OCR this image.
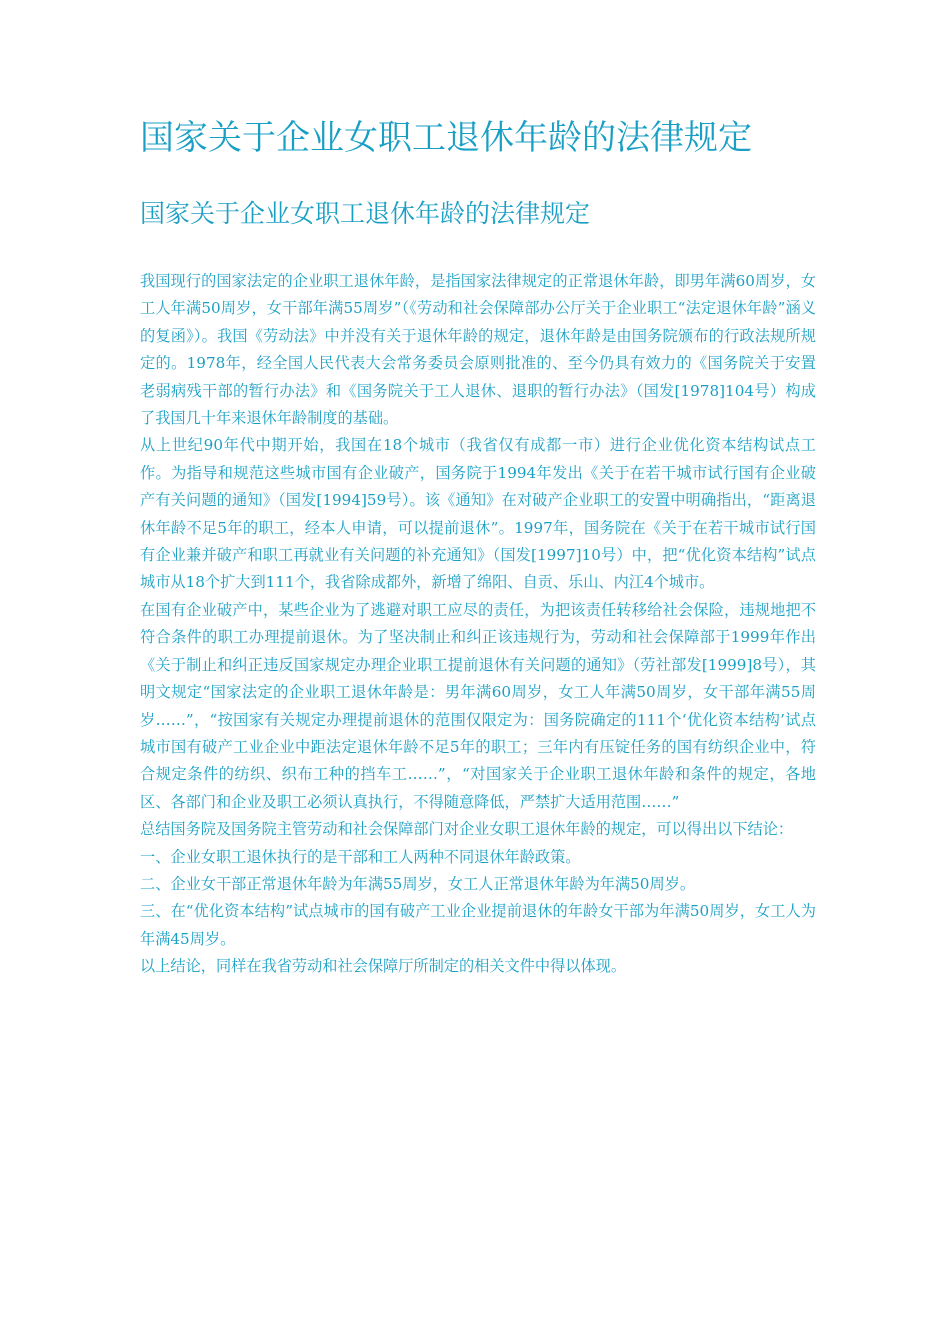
国家关于企业女职工退休年龄的法律规定
国家关于企业女职工退休年龄的法律规定

我国现行的国家法定的企业职工退休年龄，是指国家法律规定的正常退休年龄，即男年满60周岁，女工人年满50周岁，女干部年满55周岁”（《劳动和社会保障部办公厅关于企业职工“法定退休年龄”涵义的复函》）。我国《劳动法》中并没有关于退休年龄的规定，退休年龄是由国务院颁布的行政法规所规定的。1978年，经全国人民代表大会常务委员会原则批准的、至今仍具有效力的《国务院关于安置老弱病残干部的暂行办法》和《国务院关于工人退休、退职的暂行办法》（国发[1978]104号）构成了我国几十年来退休年龄制度的基础。

从上世纪90年代中期开始，我国在18个城市（我省仅有成都一市）进行企业优化资本结构试点工作。为指导和规范这些城市国有企业破产，国务院于1994年发出《关于在若干城市试行国有企业破产有关问题的通知》（国发[1994]59号）。该《通知》在对破产企业职工的安置中明确指出，“距离退休年龄不足5年的职工，经本人申请，可以提前退休”。1997年，国务院在《关于在若干城市试行国有企业兼并破产和职工再就业有关问题的补充通知》（国发[1997]10号）中，把“优化资本结构”试点城市从18个扩大到111个，我省除成都外，新增了绵阳、自贡、乐山、内江4个城市。

在国有企业破产中，某些企业为了逃避对职工应尽的责任，为把该责任转移给社会保险，违规地把不符合条件的职工办理提前退休。为了坚决制止和纠正该违规行为，劳动和社会保障部于1999年作出《关于制止和纠正违反国家规定办理企业职工提前退休有关问题的通知》（劳社部发[1999]8号），其明文规定“国家法定的企业职工退休年龄是：男年满60周岁，女工人年满50周岁，女干部年满55周岁……”，“按国家有关规定办理提前退休的范围仅限定为：国务院确定的111个‘优化资本结构’试点城市国有破产工业企业中距法定退休年龄不足5年的职工；三年内有压锭任务的国有纺织企业中，符合规定条件的纺织、织布工种的挡车工……”，“对国家关于企业职工退休年龄和条件的规定，各地区、各部门和企业及职工必须认真执行，不得随意降低，严禁扩大适用范围……”

总结国务院及国务院主管劳动和社会保障部门对企业女职工退休年龄的规定，可以得出以下结论：

一、企业女职工退休执行的是干部和工人两种不同退休年龄政策。

二、企业女干部正常退休年龄为年满55周岁，女工人正常退休年龄为年满50周岁。

三、在“优化资本结构”试点城市的国有破产工业企业提前退休的年龄女干部为年满50周岁，女工人为年满45周岁。

以上结论，同样在我省劳动和社会保障厅所制定的相关文件中得以体现。
